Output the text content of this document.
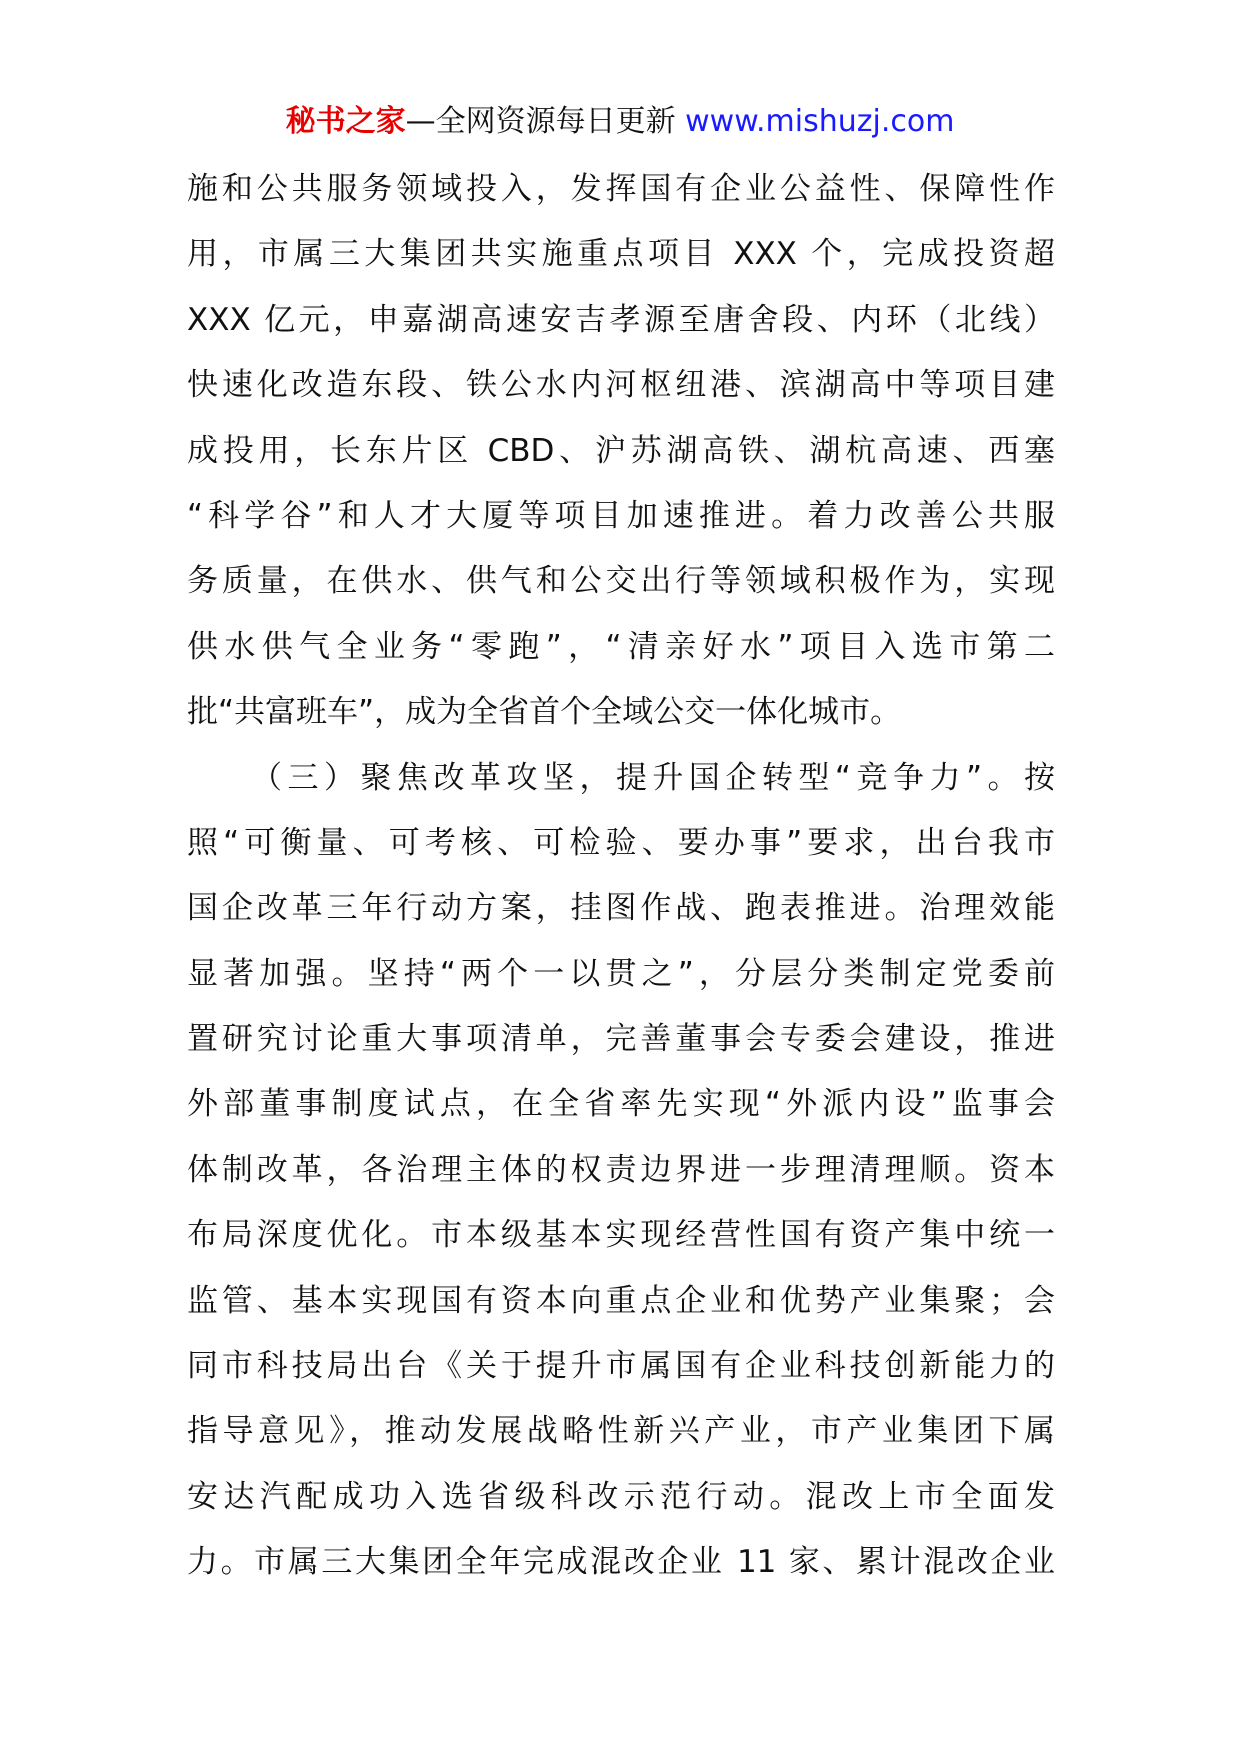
秘书之家—全网资源每日更新 www.mishuzj.com
施和公共服务领域投入，发挥国有企业公益性、保障性作
用，市属三大集团共实施重点项目 XXX 个，完成投资超
XXX 亿元，申嘉湖高速安吉孝源至唐舍段、内环（北线）
快速化改造东段、铁公水内河枢纽港、滨湖高中等项目建
成投用，长东片区 CBD、沪苏湖高铁、湖杭高速、西塞
“科学谷”和人才大厦等项目加速推进。着力改善公共服
务质量，在供水、供气和公交出行等领域积极作为，实现
供水供气全业务“零跑”，“清亲好水”项目入选市第二
批“共富班车”，成为全省首个全域公交一体化城市。
（三）聚焦改革攻坚，提升国企转型“竞争力”。按
照“可衡量、可考核、可检验、要办事”要求，出台我市
国企改革三年行动方案，挂图作战、跑表推进。治理效能
显著加强。坚持“两个一以贯之”，分层分类制定党委前
置研究讨论重大事项清单，完善董事会专委会建设，推进
外部董事制度试点，在全省率先实现“外派内设”监事会
体制改革，各治理主体的权责边界进一步理清理顺。资本
布局深度优化。市本级基本实现经营性国有资产集中统一
监管、基本实现国有资本向重点企业和优势产业集聚；会
同市科技局出台《关于提升市属国有企业科技创新能力的
指导意见》，推动发展战略性新兴产业，市产业集团下属
安达汽配成功入选省级科改示范行动。混改上市全面发
力。市属三大集团全年完成混改企业 11 家、累计混改企业
